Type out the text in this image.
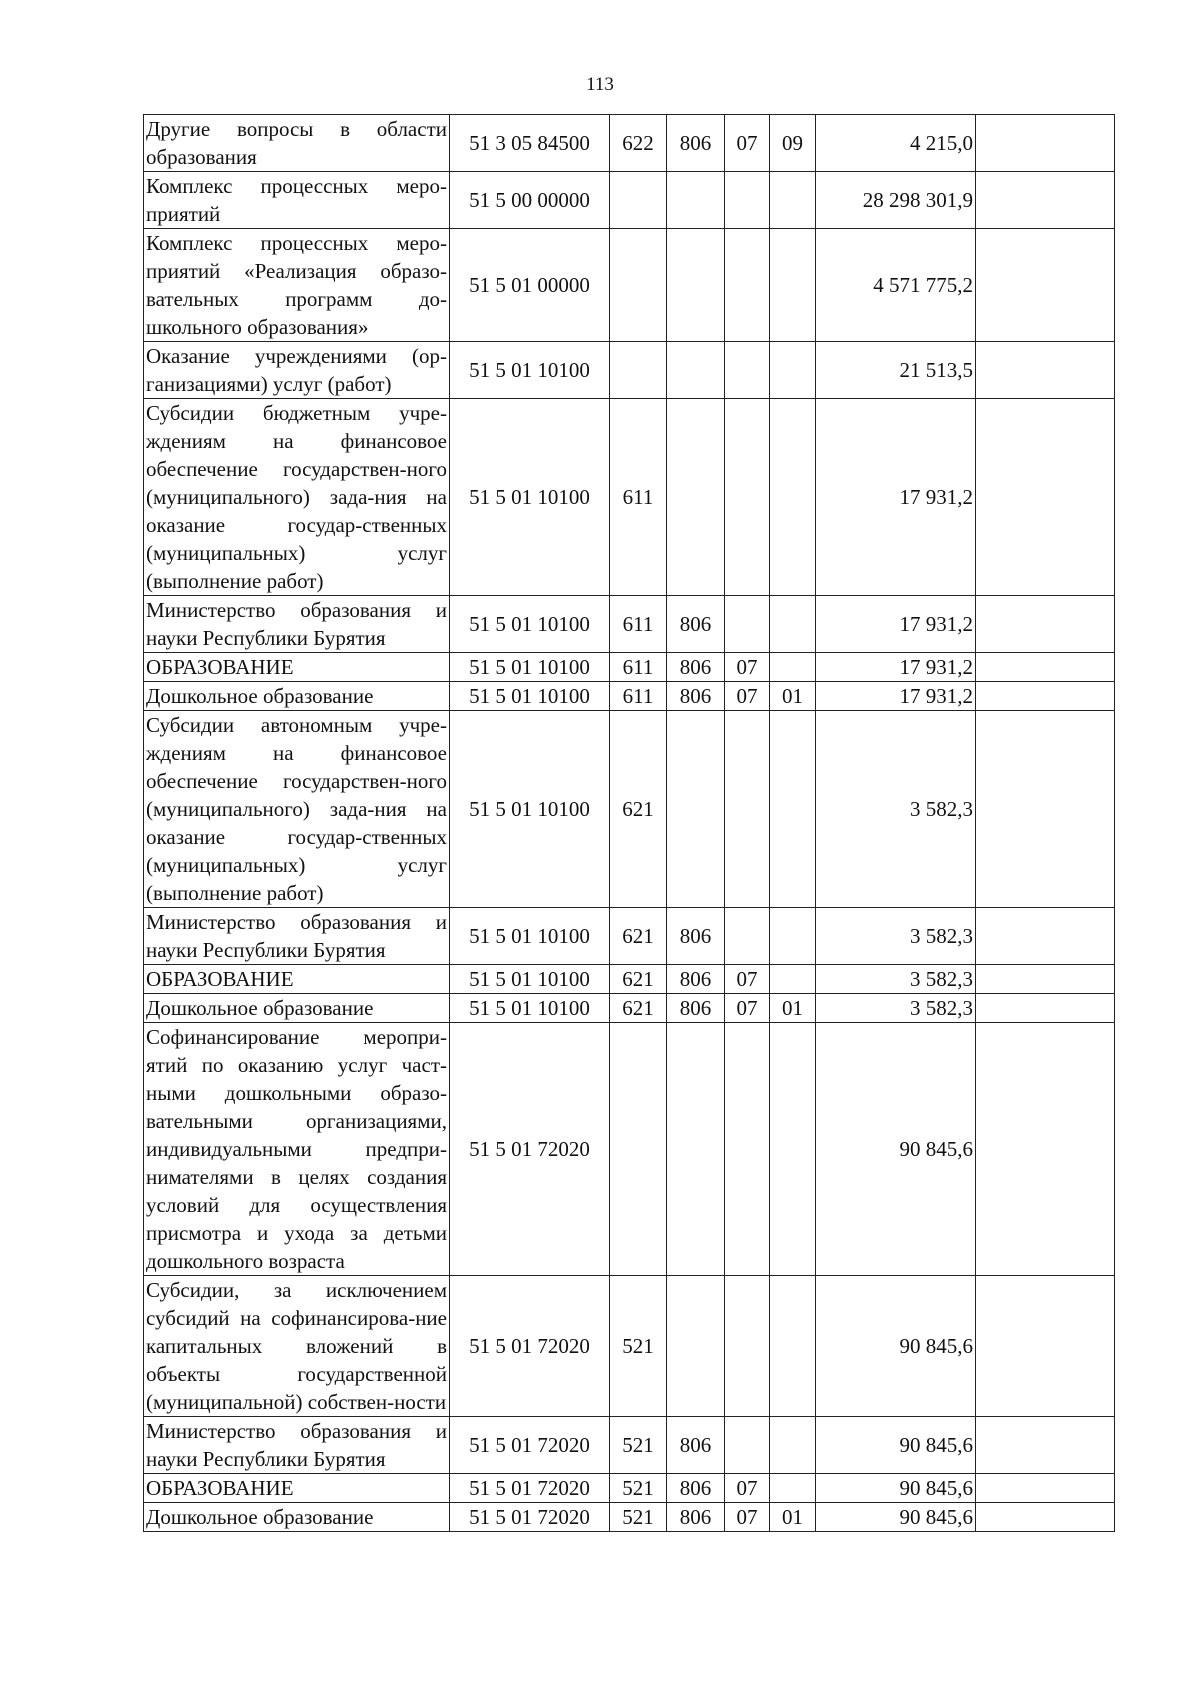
113
Другие вопросы в области образования	51 3 05 84500	622	806	07	09	4 215,0	
Комплекс процессных меро-приятий	51 5 00 00000					28 298 301,9	
Комплекс процессных меро-приятий «Реализация образо-вательных программ до-школьного образования»	51 5 01 00000					4 571 775,2	
Оказание учреждениями (ор-ганизациями) услуг (работ)	51 5 01 10100					21 513,5	
Субсидии бюджетным учре-ждениям на финансовое обеспечение государствен-ного (муниципального) зада-ния на оказание государ-ственных (муниципальных) услуг (выполнение работ)	51 5 01 10100	611				17 931,2	
Министерство образования и науки Республики Бурятия	51 5 01 10100	611	806			17 931,2	
ОБРАЗОВАНИЕ	51 5 01 10100	611	806	07		17 931,2	
Дошкольное образование	51 5 01 10100	611	806	07	01	17 931,2	
Субсидии автономным учре-ждениям на финансовое обеспечение государствен-ного (муниципального) зада-ния на оказание государ-ственных (муниципальных) услуг (выполнение работ)	51 5 01 10100	621				3 582,3	
Министерство образования и науки Республики Бурятия	51 5 01 10100	621	806			3 582,3	
ОБРАЗОВАНИЕ	51 5 01 10100	621	806	07		3 582,3	
Дошкольное образование	51 5 01 10100	621	806	07	01	3 582,3	
Софинансирование меропри-ятий по оказанию услуг част-ными дошкольными образо-вательными организациями, индивидуальными предпри-нимателями в целях создания условий для осуществления присмотра и ухода за детьми дошкольного возраста	51 5 01 72020					90 845,6	
Субсидии, за исключением субсидий на софинансирова-ние капитальных вложений в объекты государственной (муниципальной) собствен-ности	51 5 01 72020	521				90 845,6	
Министерство образования и науки Республики Бурятия	51 5 01 72020	521	806			90 845,6	
ОБРАЗОВАНИЕ	51 5 01 72020	521	806	07		90 845,6	
Дошкольное образование	51 5 01 72020	521	806	07	01	90 845,6	
